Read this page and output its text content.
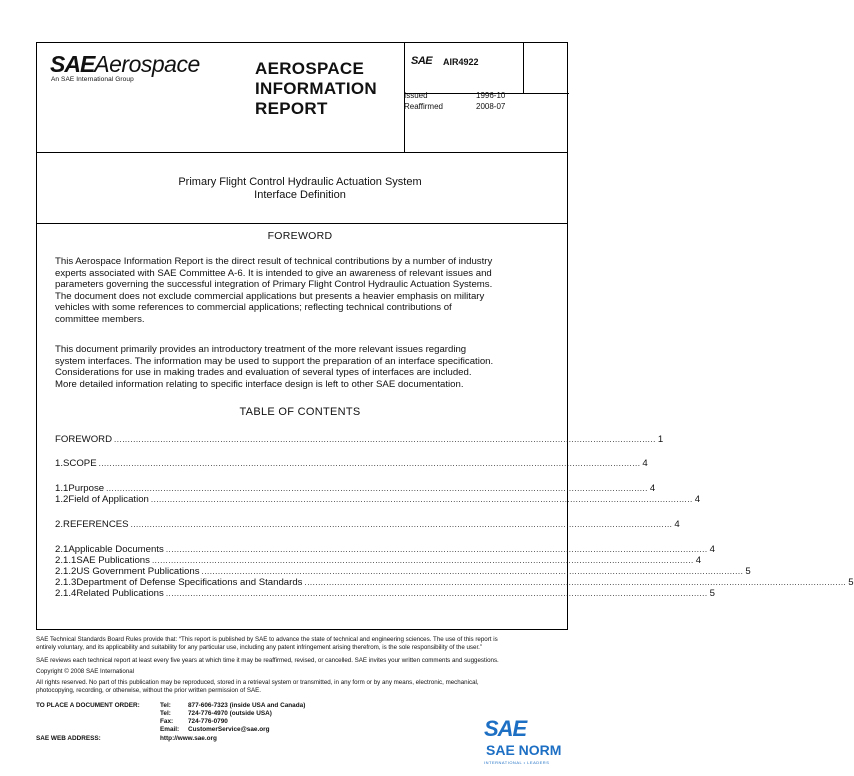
SAEAerospace
An SAE International Group
AEROSPACE
INFORMATION
REPORT
SAE AIR4922
Issued	1996-10
Reaffirmed	2008-07
Primary Flight Control Hydraulic Actuation System
Interface Definition
FOREWORD
This Aerospace Information Report is the direct result of technical contributions by a number of industry
experts associated with SAE Committee A-6. It is intended to give an awareness of relevant issues and
parameters governing the successful integration of Primary Flight Control Hydraulic Actuation Systems.
The document does not exclude commercial applications but presents a heavier emphasis on military
vehicles with some references to commercial applications; reflecting technical contributions of
committee members.
This document primarily provides an introductory treatment of the more relevant issues regarding
system interfaces. The information may be used to support the preparation of an interface specification.
Considerations for use in making trades and evaluation of several types of interfaces are included.
More detailed information relating to specific interface design is left to other SAE documentation.
TABLE OF CONTENTS
FOREWORD ....................................................................................................................................................................................................... 1
1. SCOPE ....................................................................................................................................................................................................... 4
1.1 Purpose ....................................................................................................................................................................................................... 4
1.2 Field of Application ....................................................................................................................................................................................................... 4
2. REFERENCES ....................................................................................................................................................................................................... 4
2.1 Applicable Documents ....................................................................................................................................................................................................... 4
2.1.1 SAE Publications ....................................................................................................................................................................................................... 4
2.1.2 US Government Publications ....................................................................................................................................................................................................... 5
2.1.3 Department of Defense Specifications and Standards ....................................................................................................................................................................................................... 5
2.1.4 Related Publications ....................................................................................................................................................................................................... 5
SAE Technical Standards Board Rules provide that: “This report is published by SAE to advance the state of technical and engineering sciences. The use of this report is
entirely voluntary, and its applicability and suitability for any particular use, including any patent infringement arising therefrom, is the sole responsibility of the user.”
SAE reviews each technical report at least every five years at which time it may be reaffirmed, revised, or cancelled. SAE invites your written comments and suggestions.
Copyright © 2008 SAE International
All rights reserved. No part of this publication may be reproduced, stored in a retrieval system or transmitted, in any form or by any means, electronic, mechanical,
photocopying, recording, or otherwise, without the prior written permission of SAE.
TO PLACE A DOCUMENT ORDER:	Tel:	877-606-7323 (inside USA and Canada)
Tel:	724-776-4970 (outside USA)
Fax: 724-776-0790
Email: CustomerService@sae.org
SAE WEB ADDRESS:	http://www.sae.org	SAESAE NORM
INTERNATIONAL • LEADERS
